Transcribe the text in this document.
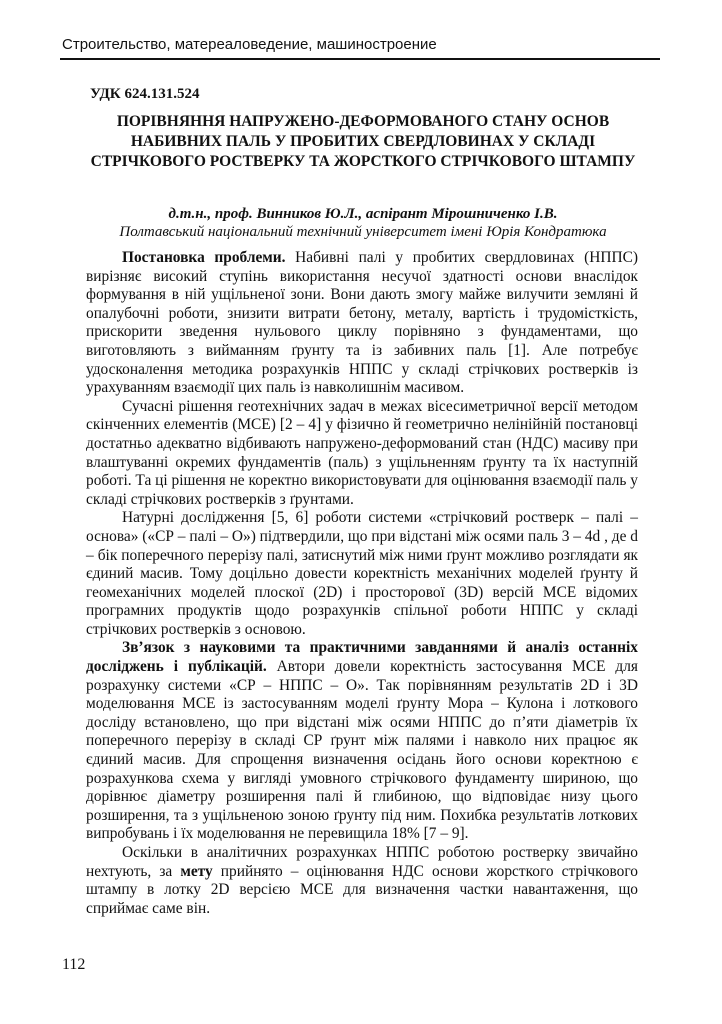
Строительство, матереаловедение, машиностроение
УДК 624.131.524
ПОРІВНЯННЯ НАПРУЖЕНО-ДЕФОРМОВАНОГО СТАНУ ОСНОВ НАБИВНИХ ПАЛЬ У ПРОБИТИХ СВЕРДЛОВИНАХ У СКЛАДІ СТРІЧКОВОГО РОСТВЕРКУ ТА ЖОРСТКОГО СТРІЧКОВОГО ШТАМПУ
д.т.н., проф. Винников Ю.Л., аспірант Мірошниченко І.В.
Полтавський національний технічний університет імені Юрія Кондратюка

Постановка проблеми. Набивні палі у пробитих свердловинах (НППС) вирізняє високий ступінь використання несучої здатності основи внаслідок формування в ній ущільненої зони. Вони дають змогу майже вилучити земляні й опалубочні роботи, знизити витрати бетону, металу, вартість і трудомісткість, прискорити зведення нульового циклу порівняно з фундаментами, що виготовляють з вийманням ґрунту та із забивних паль [1]. Але потребує удосконалення методика розрахунків НППС у складі стрічкових ростверків із урахуванням взаємодії цих паль із навколишнім масивом.

Сучасні рішення геотехнічних задач в межах вісесиметричної версії методом скінченних елементів (МСЕ) [2 – 4] у фізично й геометрично нелінійній постановці достатньо адекватно відбивають напружено-деформований стан (НДС) масиву при влаштуванні окремих фундаментів (паль) з ущільненням ґрунту та їх наступній роботі. Та ці рішення не коректно використовувати для оцінювання взаємодії паль у складі стрічкових ростверків з ґрунтами.

Натурні дослідження [5, 6] роботи системи «стрічковий ростверк – палі – основа» («СР – палі – О») підтвердили, що при відстані між осями паль 3 – 4d , де d – бік поперечного перерізу палі, затиснутий між ними ґрунт можливо розглядати як єдиний масив. Тому доцільно довести коректність механічних моделей ґрунту й геомеханічних моделей плоскої (2D) і просторової (3D) версій МСЕ відомих програмних продуктів щодо розрахунків спільної роботи НППС у складі стрічкових ростверків з основою.

Зв’язок з науковими та практичними завданнями й аналіз останніх досліджень і публікацій. Автори довели коректність застосування МСЕ для розрахунку системи «СР – НППС – О». Так порівнянням результатів 2D і 3D моделювання МСЕ із застосуванням моделі ґрунту Мора – Кулона і лоткового досліду встановлено, що при відстані між осями НППС до п’яти діаметрів їх поперечного перерізу в складі СР ґрунт між палями і навколо них працює як єдиний масив. Для спрощення визначення осідань його основи коректною є розрахункова схема у вигляді умовного стрічкового фундаменту шириною, що дорівнює діаметру розширення палі й глибиною, що відповідає низу цього розширення, та з ущільненою зоною ґрунту під ним. Похибка результатів лоткових випробувань і їх моделювання не перевищила 18% [7 – 9].

Оскільки в аналітичних розрахунках НППС роботою ростверку звичайно нехтують, за мету прийнято – оцінювання НДС основи жорсткого стрічкового штампу в лотку 2D версією МСЕ для визначення частки навантаження, що сприймає саме він.

112
